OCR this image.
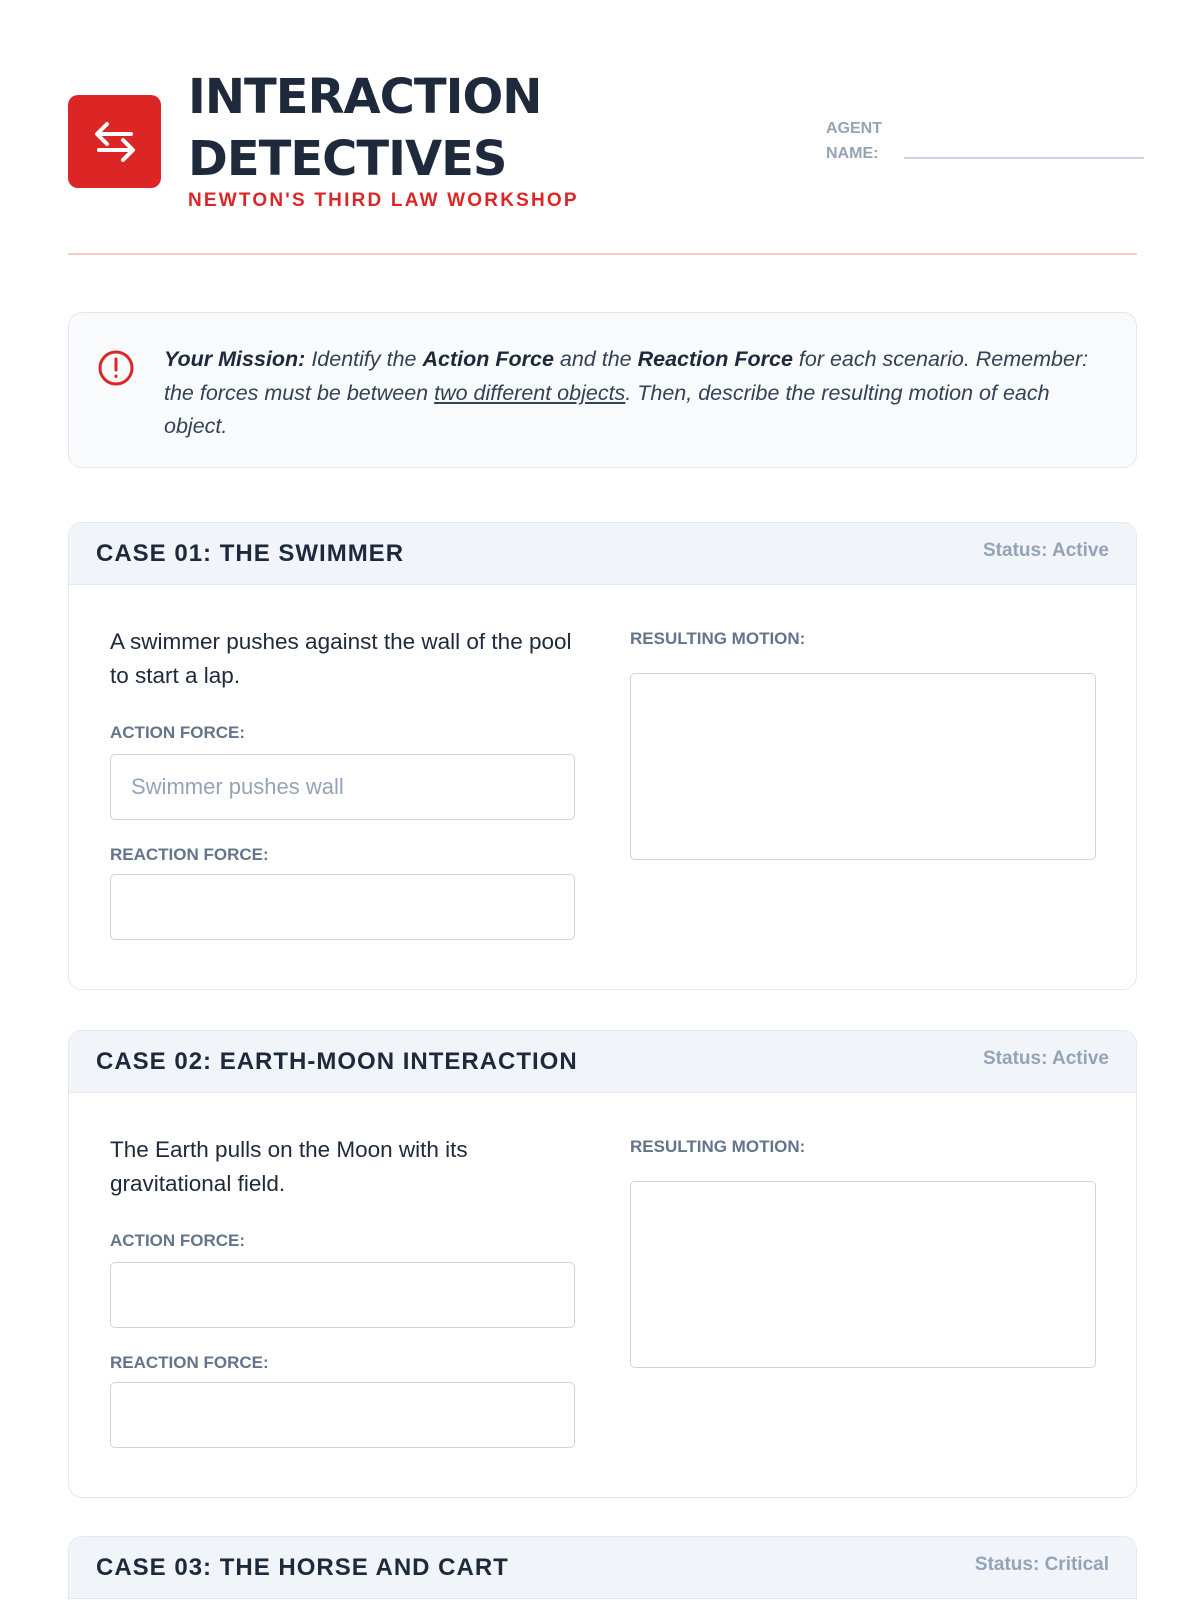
INTERACTION
DETECTIVES
NEWTON'S THIRD LAW WORKSHOP
AGENT
NAME:

Your Mission: Identify the Action Force and the Reaction Force for each scenario. Remember: the forces must be between two different objects. Then, describe the resulting motion of each object.

CASE 01: THE SWIMMER	Status: Active

A swimmer pushes against the wall of the pool to start a lap.

ACTION FORCE:
Swimmer pushes wall
REACTION FORCE:
RESULTING MOTION:
CASE 02: EARTH-MOON INTERACTION	Status: Active

The Earth pulls on the Moon with its gravitational field.

ACTION FORCE:
REACTION FORCE:
RESULTING MOTION:
CASE 03: THE HORSE AND CART	Status: Critical
